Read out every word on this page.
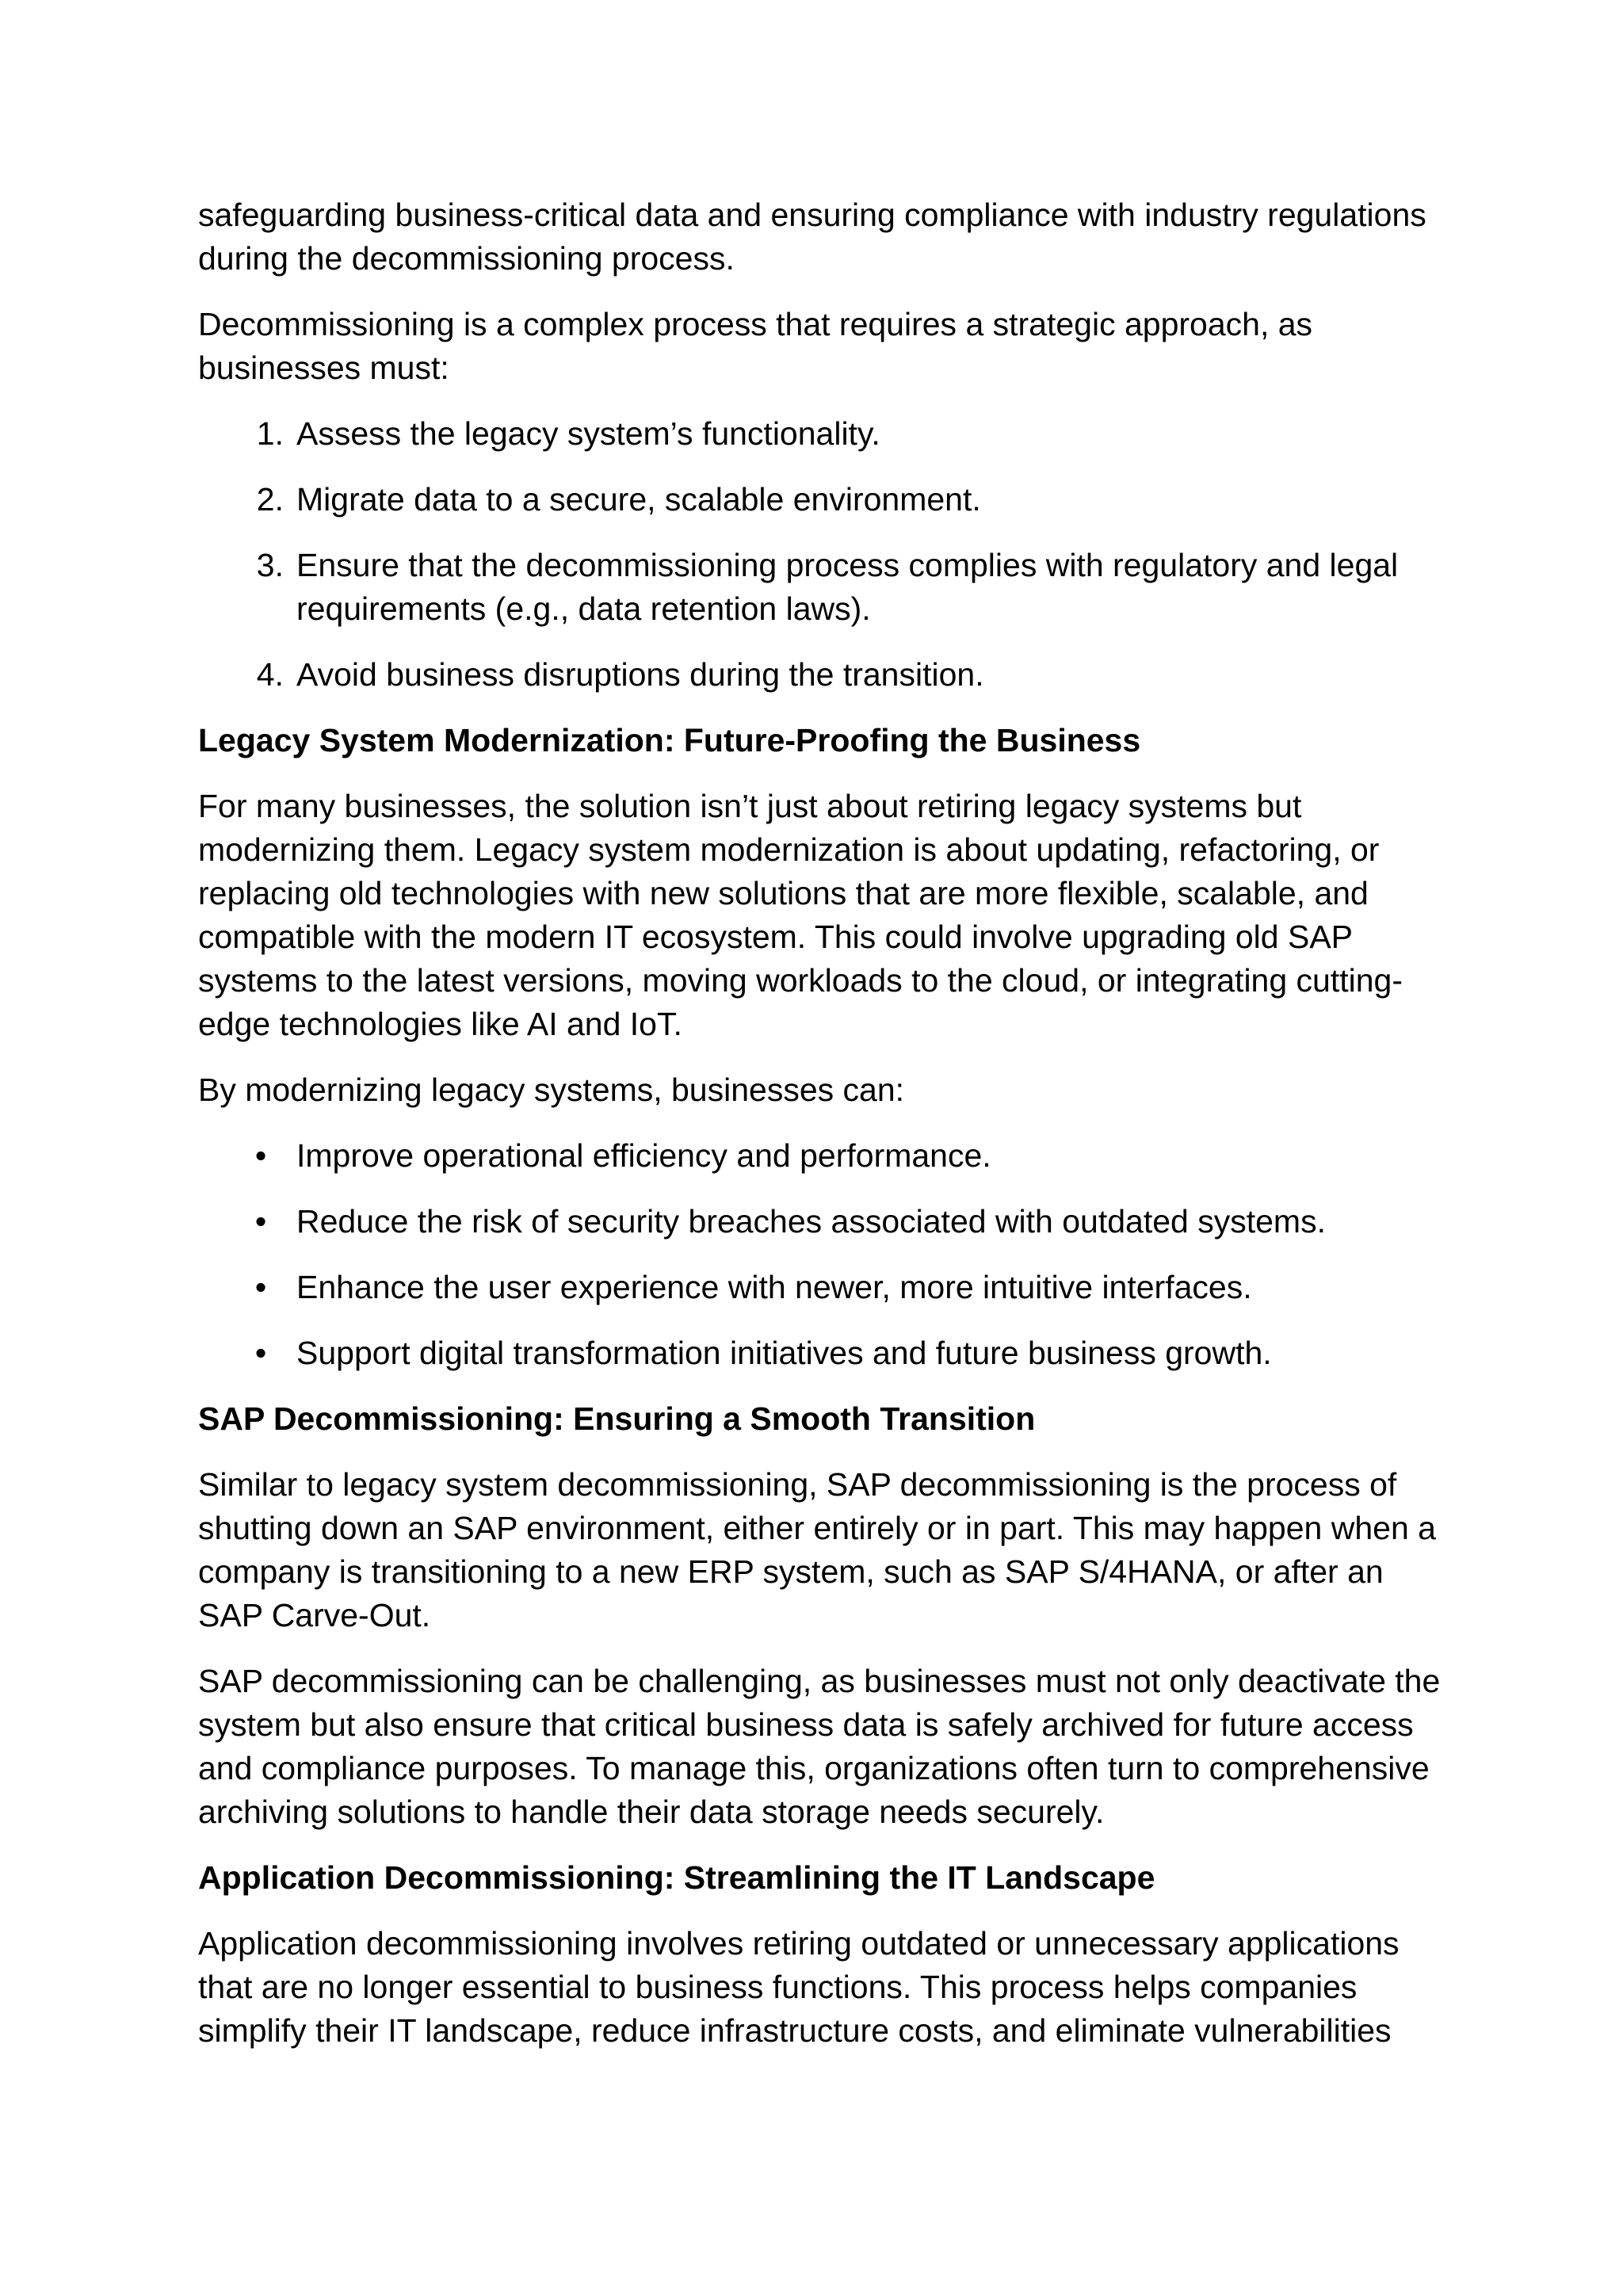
safeguarding business-critical data and ensuring compliance with industry regulations during the decommissioning process.

Decommissioning is a complex process that requires a strategic approach, as businesses must:

1. Assess the legacy system’s functionality.
2. Migrate data to a secure, scalable environment.
3. Ensure that the decommissioning process complies with regulatory and legal requirements (e.g., data retention laws).
4. Avoid business disruptions during the transition.

Legacy System Modernization: Future-Proofing the Business

For many businesses, the solution isn’t just about retiring legacy systems but modernizing them. Legacy system modernization is about updating, refactoring, or replacing old technologies with new solutions that are more flexible, scalable, and compatible with the modern IT ecosystem. This could involve upgrading old SAP systems to the latest versions, moving workloads to the cloud, or integrating cutting-edge technologies like AI and IoT.

By modernizing legacy systems, businesses can:

• Improve operational efficiency and performance.
• Reduce the risk of security breaches associated with outdated systems.
• Enhance the user experience with newer, more intuitive interfaces.
• Support digital transformation initiatives and future business growth.

SAP Decommissioning: Ensuring a Smooth Transition

Similar to legacy system decommissioning, SAP decommissioning is the process of shutting down an SAP environment, either entirely or in part. This may happen when a company is transitioning to a new ERP system, such as SAP S/4HANA, or after an SAP Carve-Out.

SAP decommissioning can be challenging, as businesses must not only deactivate the system but also ensure that critical business data is safely archived for future access and compliance purposes. To manage this, organizations often turn to comprehensive archiving solutions to handle their data storage needs securely.

Application Decommissioning: Streamlining the IT Landscape

Application decommissioning involves retiring outdated or unnecessary applications that are no longer essential to business functions. This process helps companies simplify their IT landscape, reduce infrastructure costs, and eliminate vulnerabilities
